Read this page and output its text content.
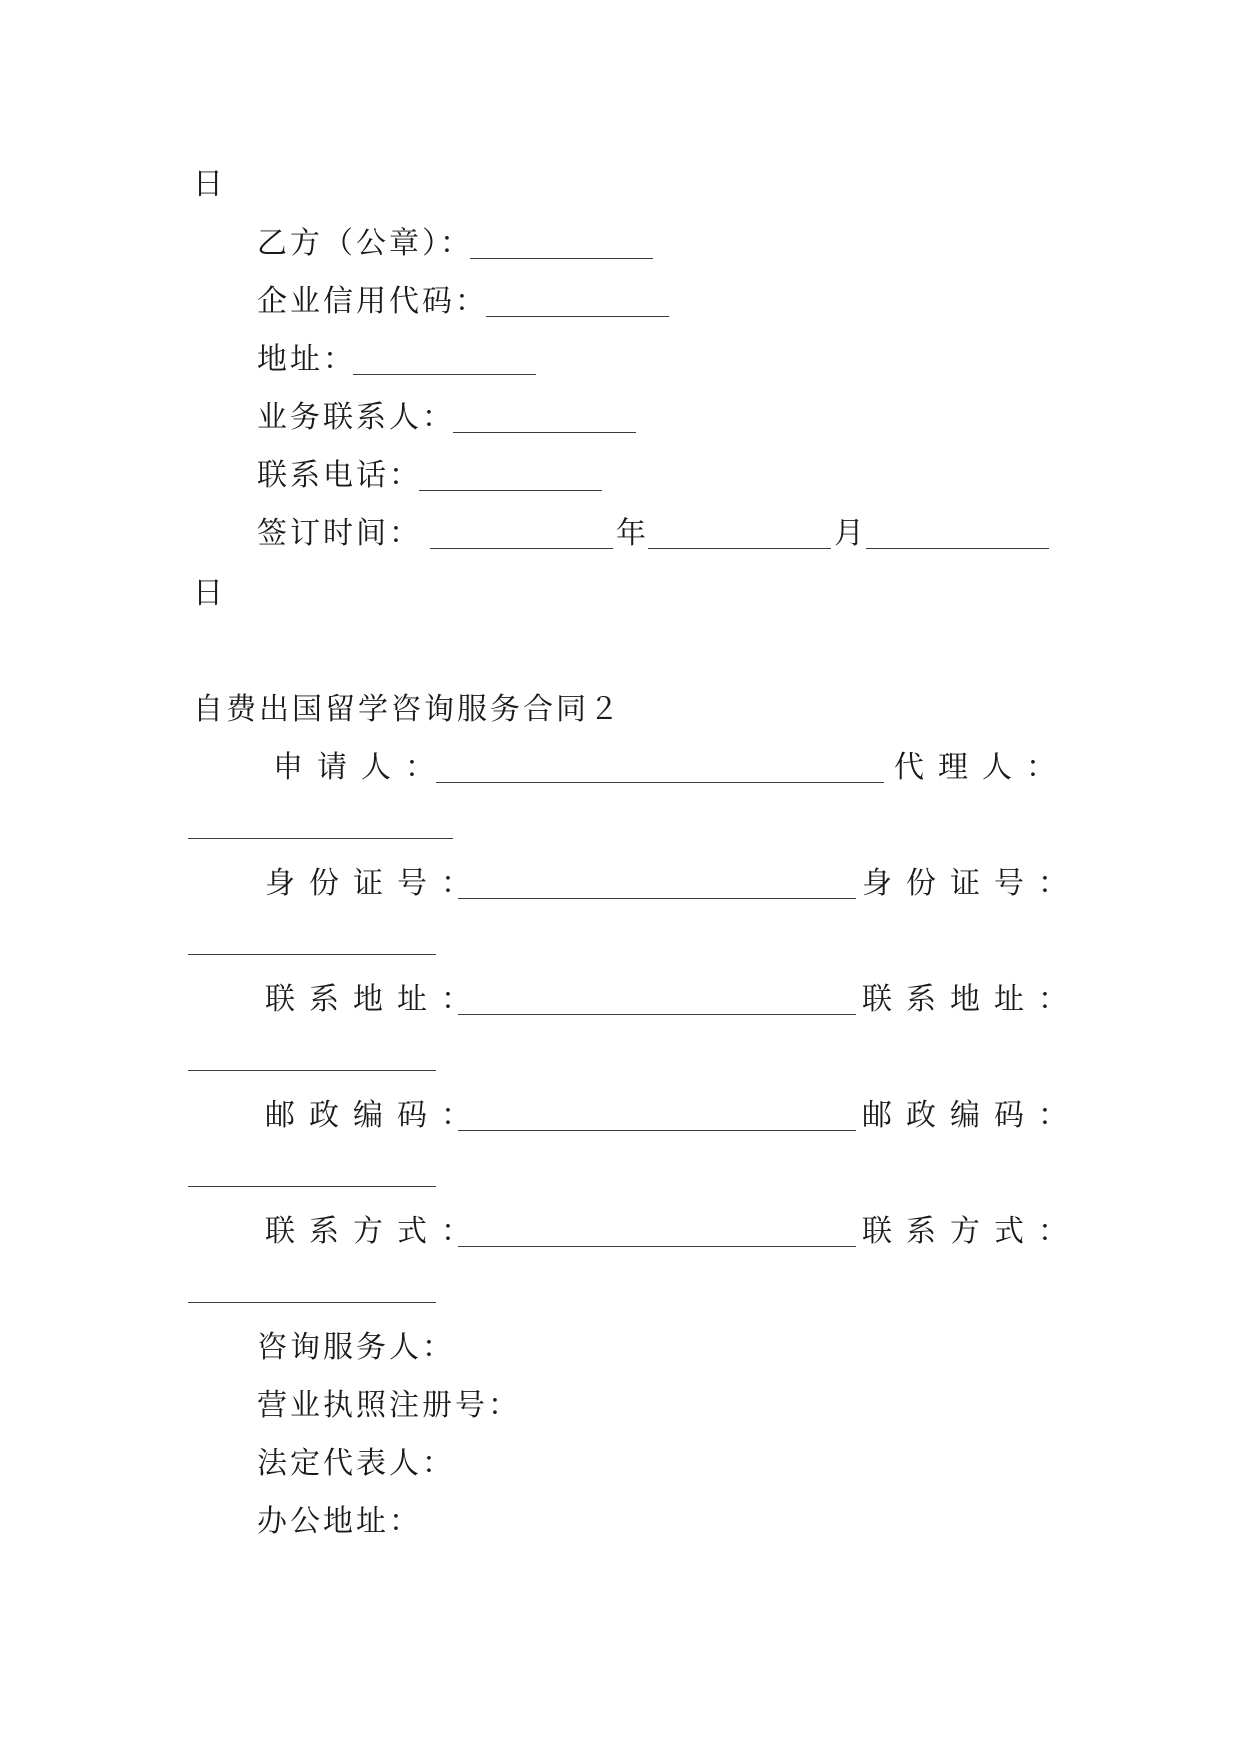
日
乙方（公章）：
企业信用代码：
地址：
业务联系人：
联系电话：
签订时间：	年	月
日
自费出国留学咨询服务合同２
申请人：	代理人：
身份证号：	身份证号：
联系地址：	联系地址：
邮政编码：	邮政编码：
联系方式：	联系方式：
咨询服务人：
营业执照注册号：
法定代表人：
办公地址：
